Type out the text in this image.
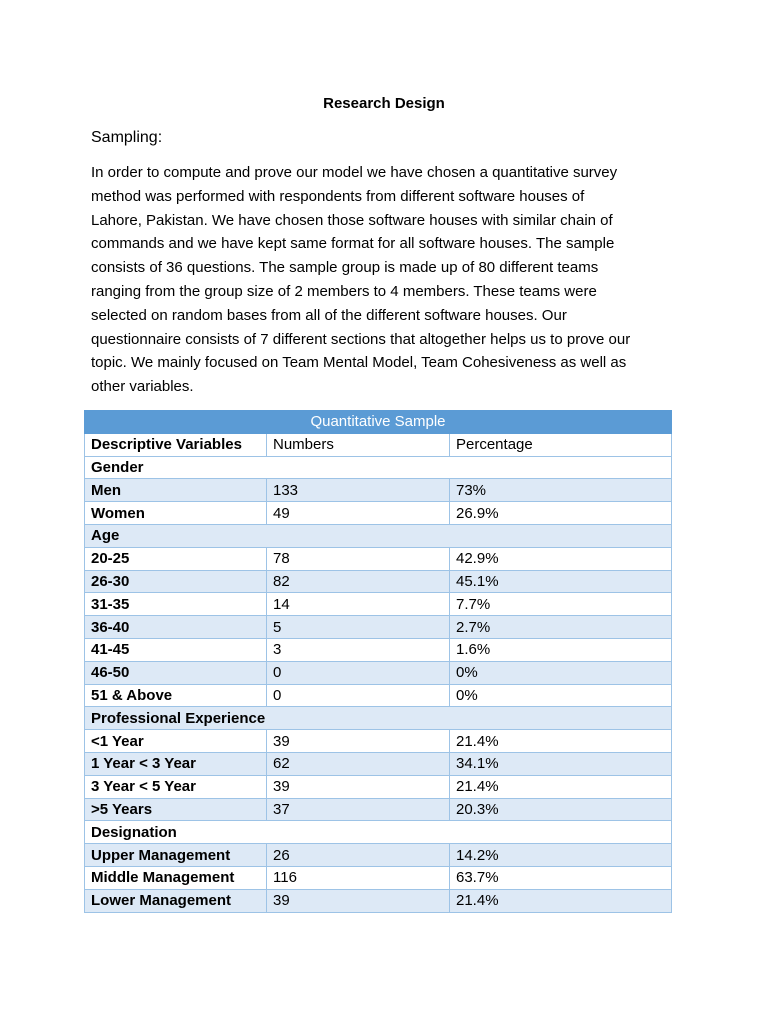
Research Design
Sampling:
In order to compute and prove our model we have chosen a quantitative survey
method was performed with respondents from different software houses of
Lahore, Pakistan. We have chosen those software houses with similar chain of
commands and we have kept same format for all software houses. The sample
consists of 36 questions. The sample group is made up of 80 different teams
ranging from the group size of 2 members to 4 members. These teams were
selected on random bases from all of the different software houses. Our
questionnaire consists of 7 different sections that altogether helps us to prove our
topic. We mainly focused on Team Mental Model, Team Cohesiveness as well as
other variables.
Quantitative Sample		
Descriptive Variables	Numbers	Percentage
Gender		
Men	133	73%
Women	49	26.9%
Age		
20-25	78	42.9%
26-30	82	45.1%
31-35	14	7.7%
36-40	5	2.7%
41-45	3	1.6%
46-50	0	0%
51 & Above	0	0%
Professional Experience		
<1 Year	39	21.4%
1 Year < 3 Year	62	34.1%
3 Year < 5 Year	39	21.4%
>5 Years	37	20.3%
Designation		
Upper Management	26	14.2%
Middle Management	116	63.7%
Lower Management	39	21.4%
